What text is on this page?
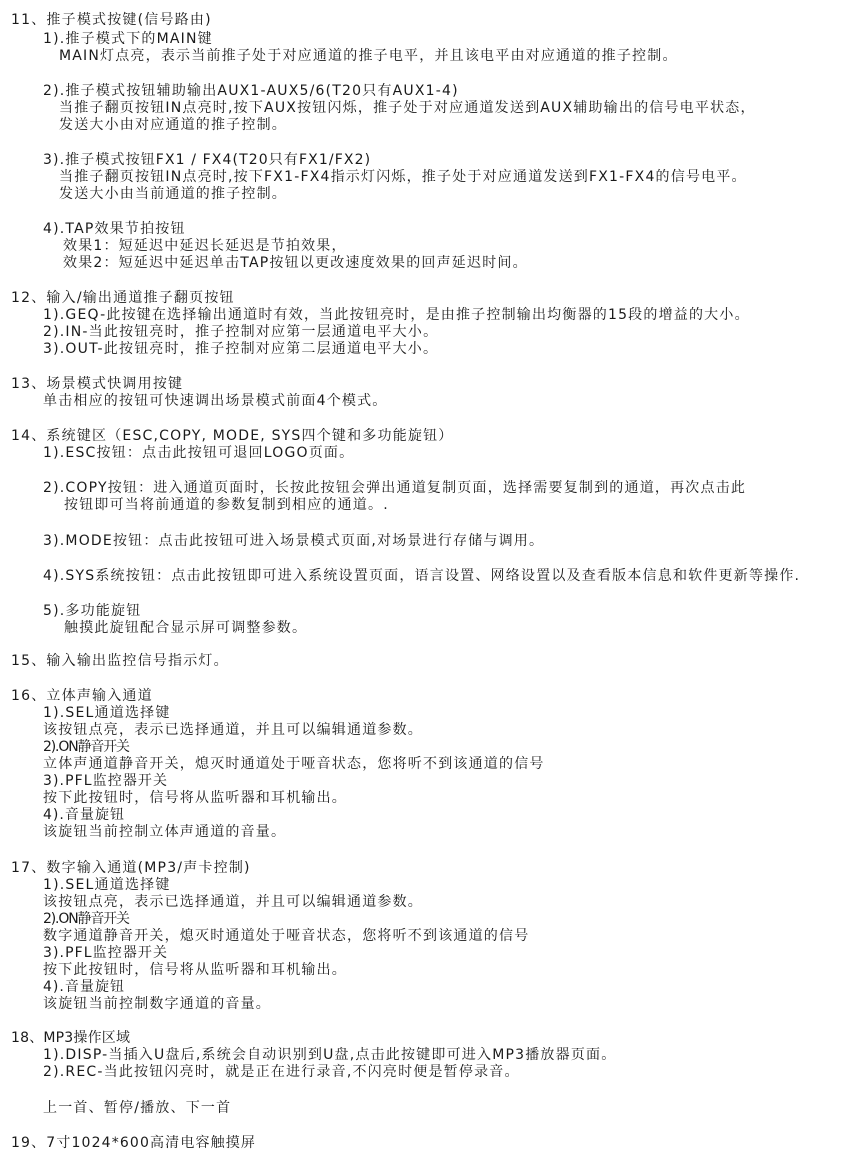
11、推子模式按键(信号路由)
1).推子模式下的MAIN键
MAIN灯点亮，表示当前推子处于对应通道的推子电平，并且该电平由对应通道的推子控制。
2).推子模式按钮辅助输出AUX1-AUX5/6(T20只有AUX1-4)
当推子翻页按钮IN点亮时,按下AUX按钮闪烁，推子处于对应通道发送到AUX辅助输出的信号电平状态，
发送大小由对应通道的推子控制。
3).推子模式按钮FX1 / FX4(T20只有FX1/FX2)
当推子翻页按钮IN点亮时,按下FX1-FX4指示灯闪烁，推子处于对应通道发送到FX1-FX4的信号电平。
发送大小由当前通道的推子控制。
4).TAP效果节拍按钮
效果1：短延迟中延迟长延迟是节拍效果，
效果2：短延迟中延迟单击TAP按钮以更改速度效果的回声延迟时间。
12、输入/输出通道推子翻页按钮
1).GEQ-此按键在选择输出通道时有效，当此按钮亮时，是由推子控制输出均衡器的15段的增益的大小。
2).IN-当此按钮亮时，推子控制对应第一层通道电平大小。
3).OUT-此按钮亮时，推子控制对应第二层通道电平大小。
13、场景模式快调用按键
单击相应的按钮可快速调出场景模式前面4个模式。
14、系统键区（ESC,COPY, MODE, SYS四个键和多功能旋钮）
1).ESC按钮：点击此按钮可退回LOGO页面。
2).COPY按钮：进入通道页面时，长按此按钮会弹出通道复制页面，选择需要复制到的通道，再次点击此
按钮即可当将前通道的参数复制到相应的通道。.
3).MODE按钮：点击此按钮可进入场景模式页面,对场景进行存储与调用。
4).SYS系统按钮：点击此按钮即可进入系统设置页面，语言设置、网络设置以及查看版本信息和软件更新等操作.
5).多功能旋钮
触摸此旋钮配合显示屏可调整参数。
15、输入输出监控信号指示灯。
16、立体声输入通道
1).SEL通道选择键
该按钮点亮，表示已选择通道，并且可以编辑通道参数。
2).ON静音开关
立体声通道静音开关，熄灭时通道处于哑音状态，您将听不到该通道的信号
3).PFL监控器开关
按下此按钮时，信号将从监听器和耳机输出。
4).音量旋钮
该旋钮当前控制立体声通道的音量。
17、数字输入通道(MP3/声卡控制)
1).SEL通道选择键
该按钮点亮，表示已选择通道，并且可以编辑通道参数。
2).ON静音开关
数字通道静音开关，熄灭时通道处于哑音状态，您将听不到该通道的信号
3).PFL监控器开关
按下此按钮时，信号将从监听器和耳机输出。
4).音量旋钮
该旋钮当前控制数字通道的音量。
18、MP3操作区域
1).DISP-当插入U盘后,系统会自动识别到U盘,点击此按键即可进入MP3播放器页面。
2).REC-当此按钮闪亮时，就是正在进行录音,不闪亮时便是暂停录音。
上一首、暂停/播放、下一首
19、7寸1024*600高清电容触摸屏
